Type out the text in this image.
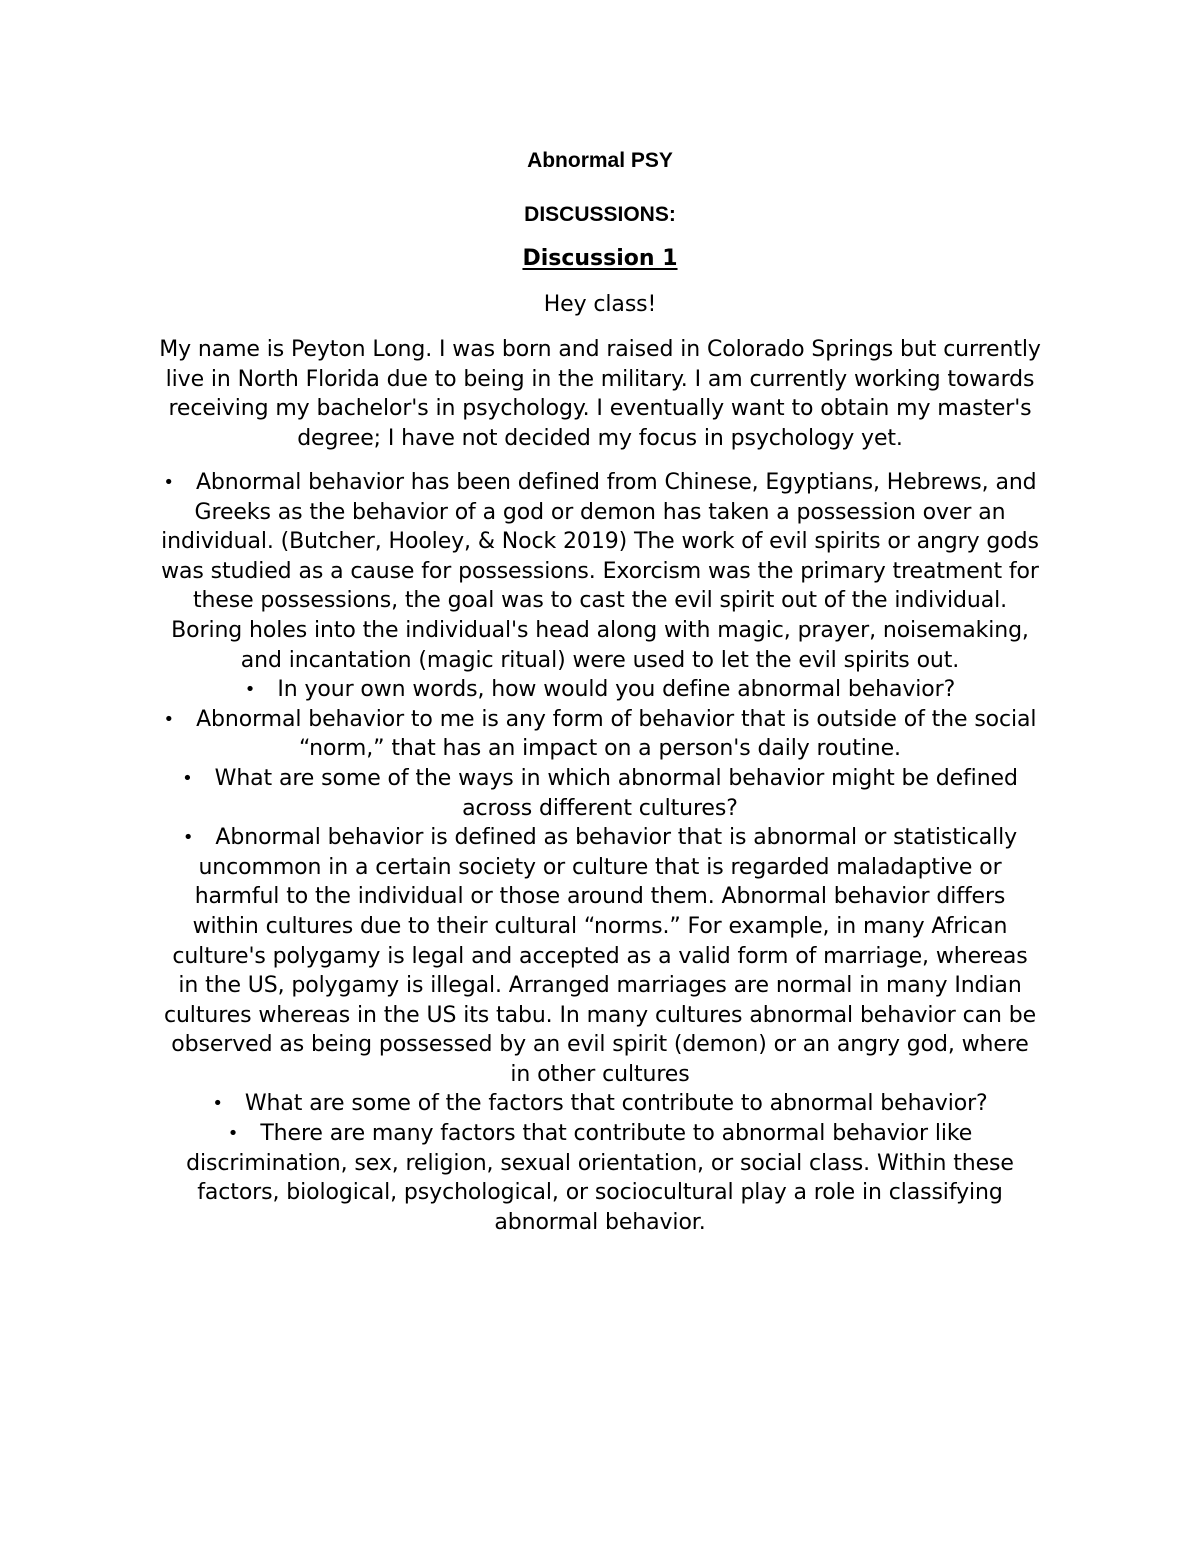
Abnormal PSY
DISCUSSIONS:
Discussion 1
Hey class!
My name is Peyton Long. I was born and raised in Colorado Springs but currently live in North Florida due to being in the military. I am currently working towards receiving my bachelor's in psychology. I eventually want to obtain my master's degree; I have not decided my focus in psychology yet.
• Abnormal behavior has been defined from Chinese, Egyptians, Hebrews, and Greeks as the behavior of a god or demon has taken a possession over an individual. (Butcher, Hooley, & Nock 2019) The work of evil spirits or angry gods was studied as a cause for possessions. Exorcism was the primary treatment for these possessions, the goal was to cast the evil spirit out of the individual. Boring holes into the individual's head along with magic, prayer, noisemaking, and incantation (magic ritual) were used to let the evil spirits out.
• In your own words, how would you define abnormal behavior?
• Abnormal behavior to me is any form of behavior that is outside of the social “norm,” that has an impact on a person's daily routine.
• What are some of the ways in which abnormal behavior might be defined across different cultures?
• Abnormal behavior is defined as behavior that is abnormal or statistically uncommon in a certain society or culture that is regarded maladaptive or harmful to the individual or those around them. Abnormal behavior differs within cultures due to their cultural “norms.” For example, in many African culture's polygamy is legal and accepted as a valid form of marriage, whereas in the US, polygamy is illegal. Arranged marriages are normal in many Indian cultures whereas in the US its tabu. In many cultures abnormal behavior can be observed as being possessed by an evil spirit (demon) or an angry god, where in other cultures
• What are some of the factors that contribute to abnormal behavior?
• There are many factors that contribute to abnormal behavior like discrimination, sex, religion, sexual orientation, or social class. Within these factors, biological, psychological, or sociocultural play a role in classifying abnormal behavior.
